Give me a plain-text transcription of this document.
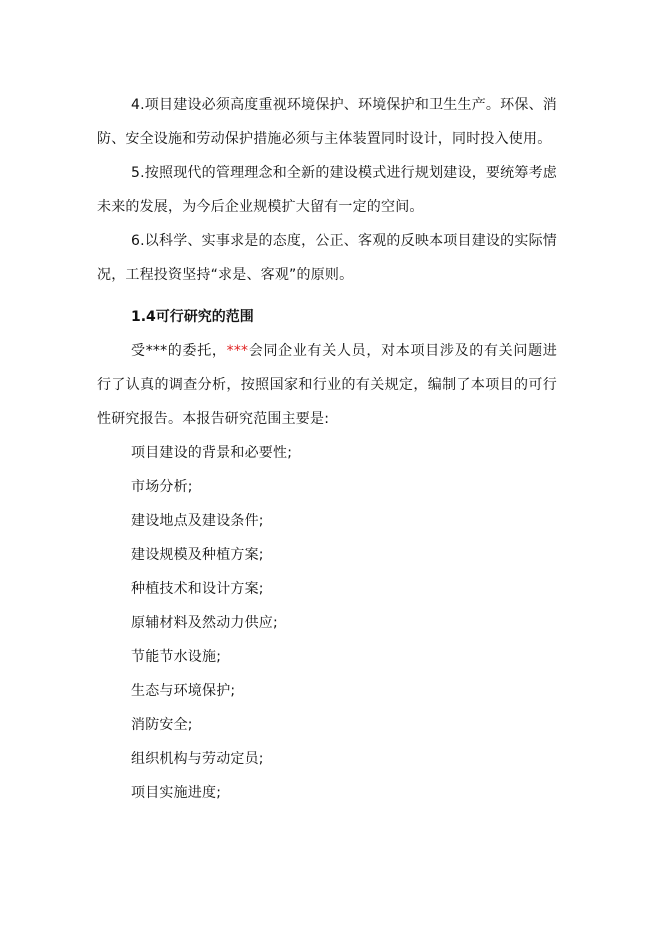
4.项目建设必须高度重视环境保护、环境保护和卫生生产。环保、消防、安全设施和劳动保护措施必须与主体装置同时设计，同时投入使用。

5.按照现代的管理理念和全新的建设模式进行规划建设，要统筹考虑未来的发展，为今后企业规模扩大留有一定的空间。

6.以科学、实事求是的态度，公正、客观的反映本项目建设的实际情况，工程投资坚持“求是、客观”的原则。

1.4可行研究的范围

受***的委托，***会同企业有关人员，对本项目涉及的有关问题进行了认真的调查分析，按照国家和行业的有关规定，编制了本项目的可行性研究报告。本报告研究范围主要是:

项目建设的背景和必要性;

市场分析;

建设地点及建设条件;

建设规模及种植方案;

种植技术和设计方案;

原辅材料及然动力供应;

节能节水设施;

生态与环境保护;

消防安全;

组织机构与劳动定员;

项目实施进度;
